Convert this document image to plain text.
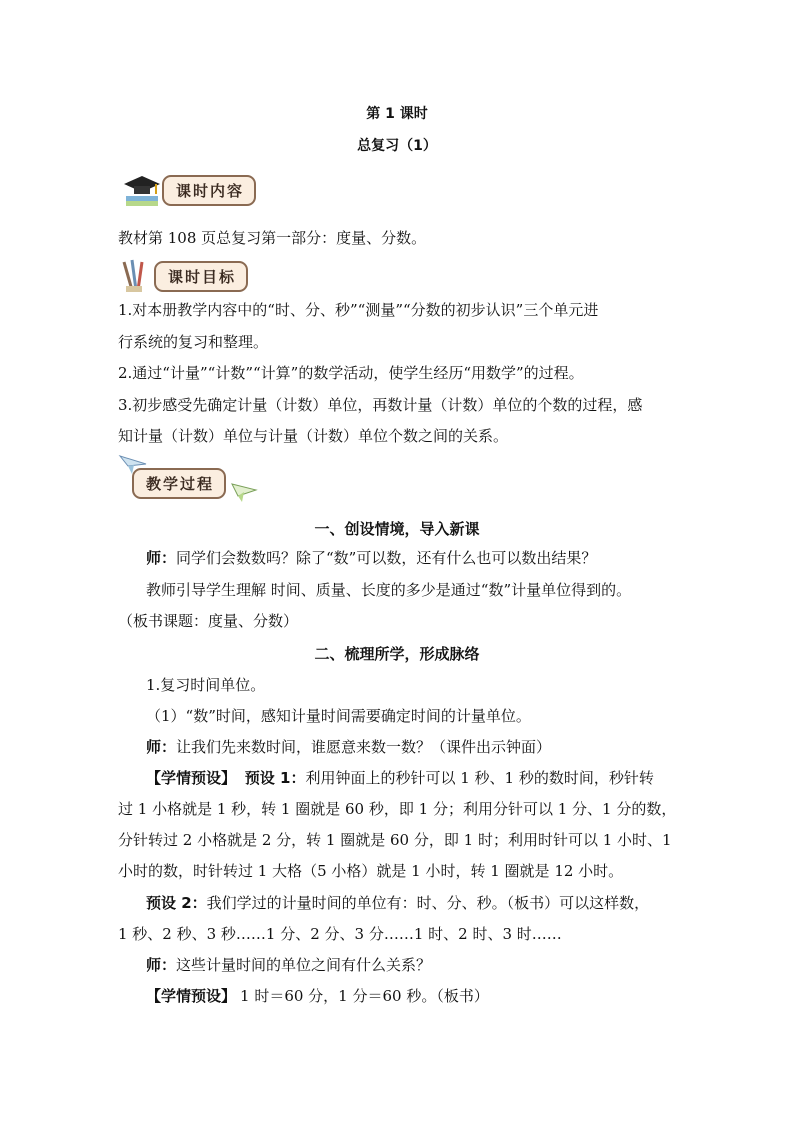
第 1 课时
总复习（1）
课时内容
教材第 108 页总复习第一部分：度量、分数。
课时目标
1.对本册教学内容中的“时、分、秒”“测量”“分数的初步认识”三个单元进
行系统的复习和整理。
2.通过“计量”“计数”“计算”的数学活动，使学生经历“用数学”的过程。
3.初步感受先确定计量（计数）单位，再数计量（计数）单位的个数的过程，感
知计量（计数）单位与计量（计数）单位个数之间的关系。
教学过程
一、创设情境，导入新课
师：同学们会数数吗？除了“数”可以数，还有什么也可以数出结果？
教师引导学生理解 时间、质量、长度的多少是通过“数”计量单位得到的。
（板书课题：度量、分数）
二、梳理所学，形成脉络
1.复习时间单位。
（1）“数”时间，感知计量时间需要确定时间的计量单位。
师：让我们先来数时间，谁愿意来数一数？（课件出示钟面）
【学情预设】 预设 1：利用钟面上的秒针可以 1 秒、1 秒的数时间，秒针转
过 1 小格就是 1 秒，转 1 圈就是 60 秒，即 1 分；利用分针可以 1 分、1 分的数，
分针转过 2 小格就是 2 分，转 1 圈就是 60 分，即 1 时；利用时针可以 1 小时、1
小时的数，时针转过 1 大格（5 小格）就是 1 小时，转 1 圈就是 12 小时。
预设 2：我们学过的计量时间的单位有：时、分、秒。（板书）可以这样数，
1 秒、2 秒、3 秒……1 分、2 分、3 分……1 时、2 时、3 时……
师：这些计量时间的单位之间有什么关系？
【学情预设】 1 时＝60 分，1 分＝60 秒。（板书）
